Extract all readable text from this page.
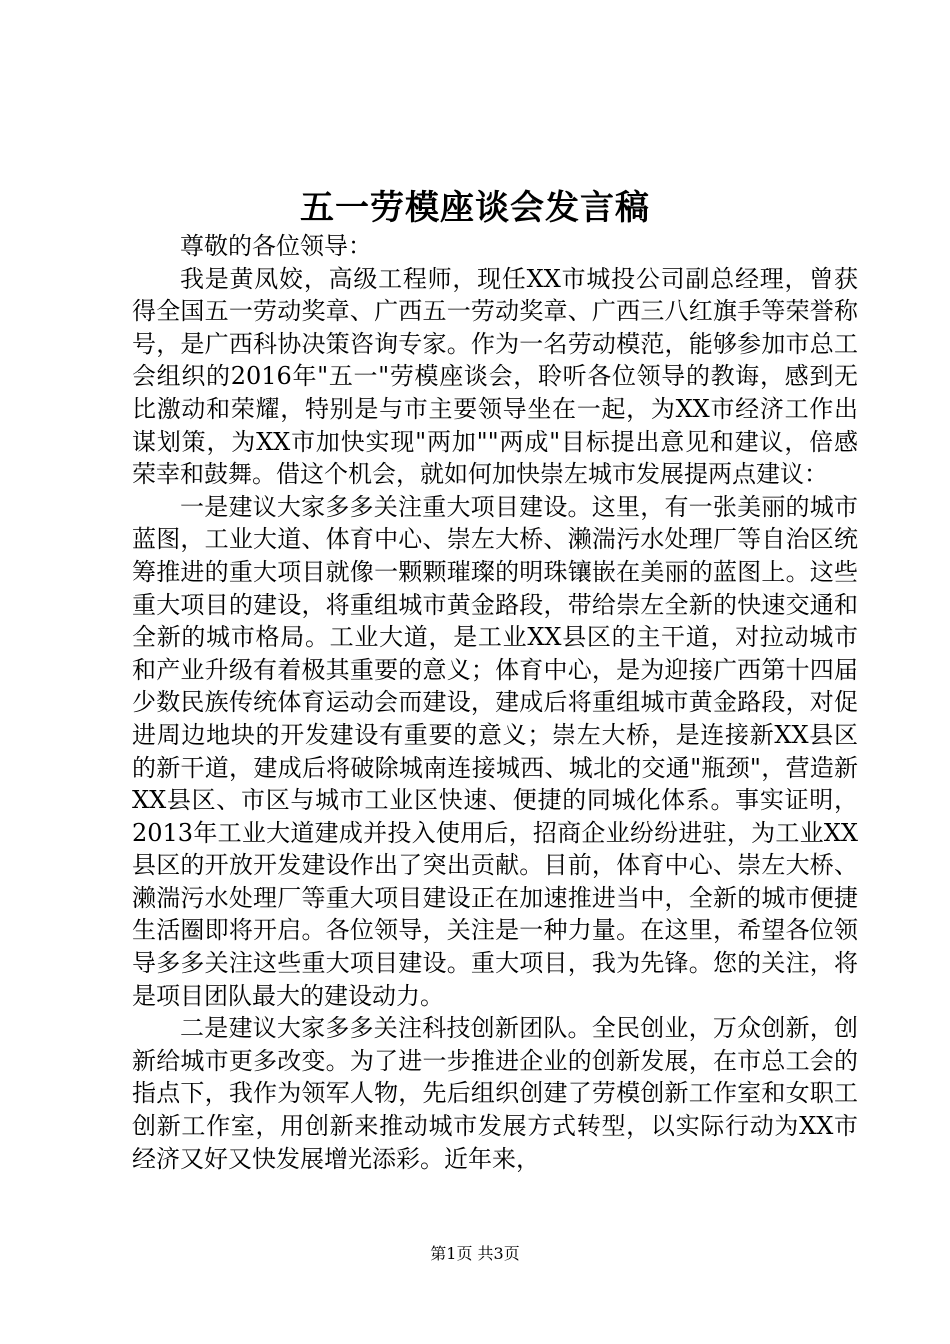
五一劳模座谈会发言稿

尊敬的各位领导：

我是黄凤姣，高级工程师，现任XX市城投公司副总经理，曾获得全国五一劳动奖章、广西五一劳动奖章、广西三八红旗手等荣誉称号，是广西科协决策咨询专家。作为一名劳动模范，能够参加市总工会组织的2016年"五一"劳模座谈会，聆听各位领导的教诲，感到无比激动和荣耀，特别是与市主要领导坐在一起，为XX市经济工作出谋划策，为XX市加快实现"两加""两成"目标提出意见和建议，倍感荣幸和鼓舞。借这个机会，就如何加快崇左城市发展提两点建议：

一是建议大家多多关注重大项目建设。这里，有一张美丽的城市蓝图，工业大道、体育中心、崇左大桥、濑湍污水处理厂等自治区统筹推进的重大项目就像一颗颗璀璨的明珠镶嵌在美丽的蓝图上。这些重大项目的建设，将重组城市黄金路段，带给崇左全新的快速交通和全新的城市格局。工业大道，是工业XX县区的主干道，对拉动城市和产业升级有着极其重要的意义；体育中心，是为迎接广西第十四届少数民族传统体育运动会而建设，建成后将重组城市黄金路段，对促进周边地块的开发建设有重要的意义；崇左大桥，是连接新XX县区的新干道，建成后将破除城南连接城西、城北的交通"瓶颈"，营造新XX县区、市区与城市工业区快速、便捷的同城化体系。事实证明，2013年工业大道建成并投入使用后，招商企业纷纷进驻，为工业XX县区的开放开发建设作出了突出贡献。目前，体育中心、崇左大桥、濑湍污水处理厂等重大项目建设正在加速推进当中，全新的城市便捷生活圈即将开启。各位领导，关注是一种力量。在这里，希望各位领导多多关注这些重大项目建设。重大项目，我为先锋。您的关注，将是项目团队最大的建设动力。

二是建议大家多多关注科技创新团队。全民创业，万众创新，创新给城市更多改变。为了进一步推进企业的创新发展，在市总工会的指点下，我作为领军人物，先后组织创建了劳模创新工作室和女职工创新工作室，用创新来推动城市发展方式转型，以实际行动为XX市经济又好又快发展增光添彩。近年来，

第1页 共3页
